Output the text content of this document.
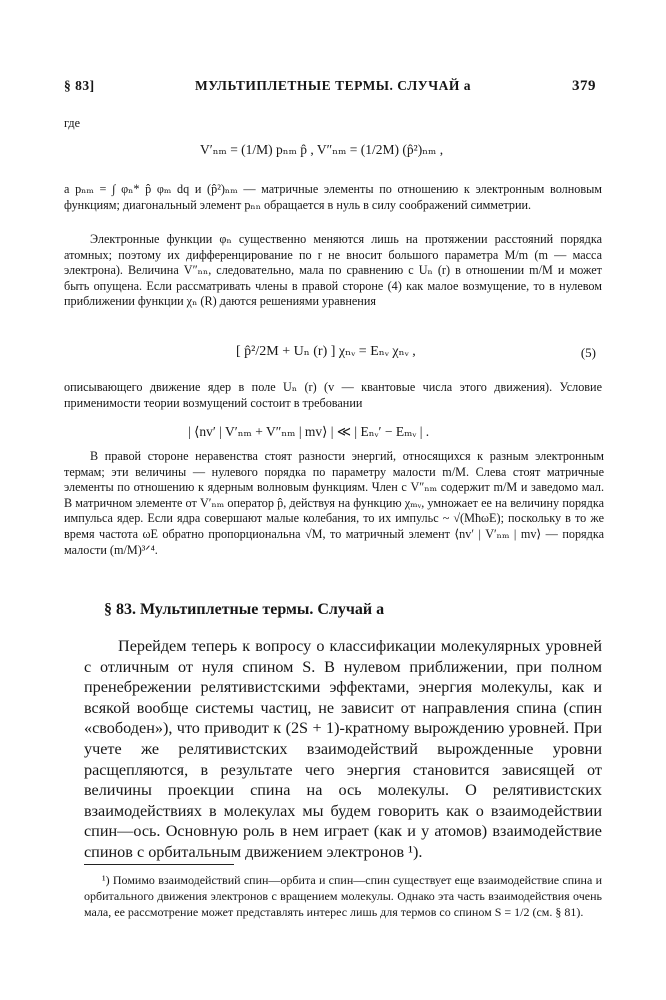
§ 83]	МУЛЬТИПЛЕТНЫЕ ТЕРМЫ. СЛУЧАЙ а	379
где
V′ₙₘ = (1/M) pₙₘ p̂ , V″ₙₘ = (1/2M) (p̂²)ₙₘ ,

а pₙₘ = ∫ φₙ* p̂ φₘ dq и (p̂²)ₙₘ — матричные элементы по отношению к электронным волновым функциям; диагональный элемент pₙₙ обращается в нуль в силу соображений симметрии.

Электронные функции φₙ существенно меняются лишь на протяжении расстояний порядка атомных; поэтому их дифференцирование по r не вносит большого параметра M/m (m — масса электрона). Величина V″ₙₙ, следовательно, мала по сравнению с Uₙ (r) в отношении m/M и может быть опущена. Если рассматривать члены в правой стороне (4) как малое возмущение, то в нулевом приближении функции χₙ (R) даются решениями уравнения

[ p̂²/2M + Uₙ (r) ] χₙᵥ = Eₙᵥ χₙᵥ ,	(5)

описывающего движение ядер в поле Uₙ (r) (v — квантовые числа этого движения). Условие применимости теории возмущений состоит в требовании

| ⟨nv′ | V′ₙₘ + V″ₙₘ | mv⟩ | ≪ | Eₙᵥ′ − Eₘᵥ | .

В правой стороне неравенства стоят разности энергий, относящихся к разным электронным термам; эти величины — нулевого порядка по параметру малости m/M. Слева стоят матричные элементы по отношению к ядерным волновым функциям. Член с V″ₙₘ содержит m/M и заведомо мал. В матричном элементе от V′ₙₘ оператор p̂, действуя на функцию χₘᵥ, умножает ее на величину порядка импульса ядер. Если ядра совершают малые колебания, то их импульс ~ √(MħωE); поскольку в то же время частота ωE обратно пропорциональна √M, то матричный элемент ⟨nv′ | V′ₙₘ | mv⟩ — порядка малости (m/M)³ᐟ⁴.

§ 83. Мультиплетные термы. Случай a

Перейдем теперь к вопросу о классификации молекулярных уровней с отличным от нуля спином S. В нулевом приближении, при полном пренебрежении релятивистскими эффектами, энергия молекулы, как и всякой вообще системы частиц, не зависит от направления спина (спин «свободен»), что приводит к (2S + 1)-кратному вырождению уровней. При учете же релятивистских взаимодействий вырожденные уровни расщепляются, в результате чего энергия становится зависящей от величины проекции спина на ось молекулы. О релятивистских взаимодействиях в молекулах мы будем говорить как о взаимодействии спин—ось. Основную роль в нем играет (как и у атомов) взаимодействие спинов с орбитальным движением электронов ¹).

¹) Помимо взаимодействий спин—орбита и спин—спин существует еще взаимодействие спина и орбитального движения электронов с вращением молекулы. Однако эта часть взаимодействия очень мала, ее рассмотрение может представлять интерес лишь для термов со спином S = 1/2 (см. § 81).
